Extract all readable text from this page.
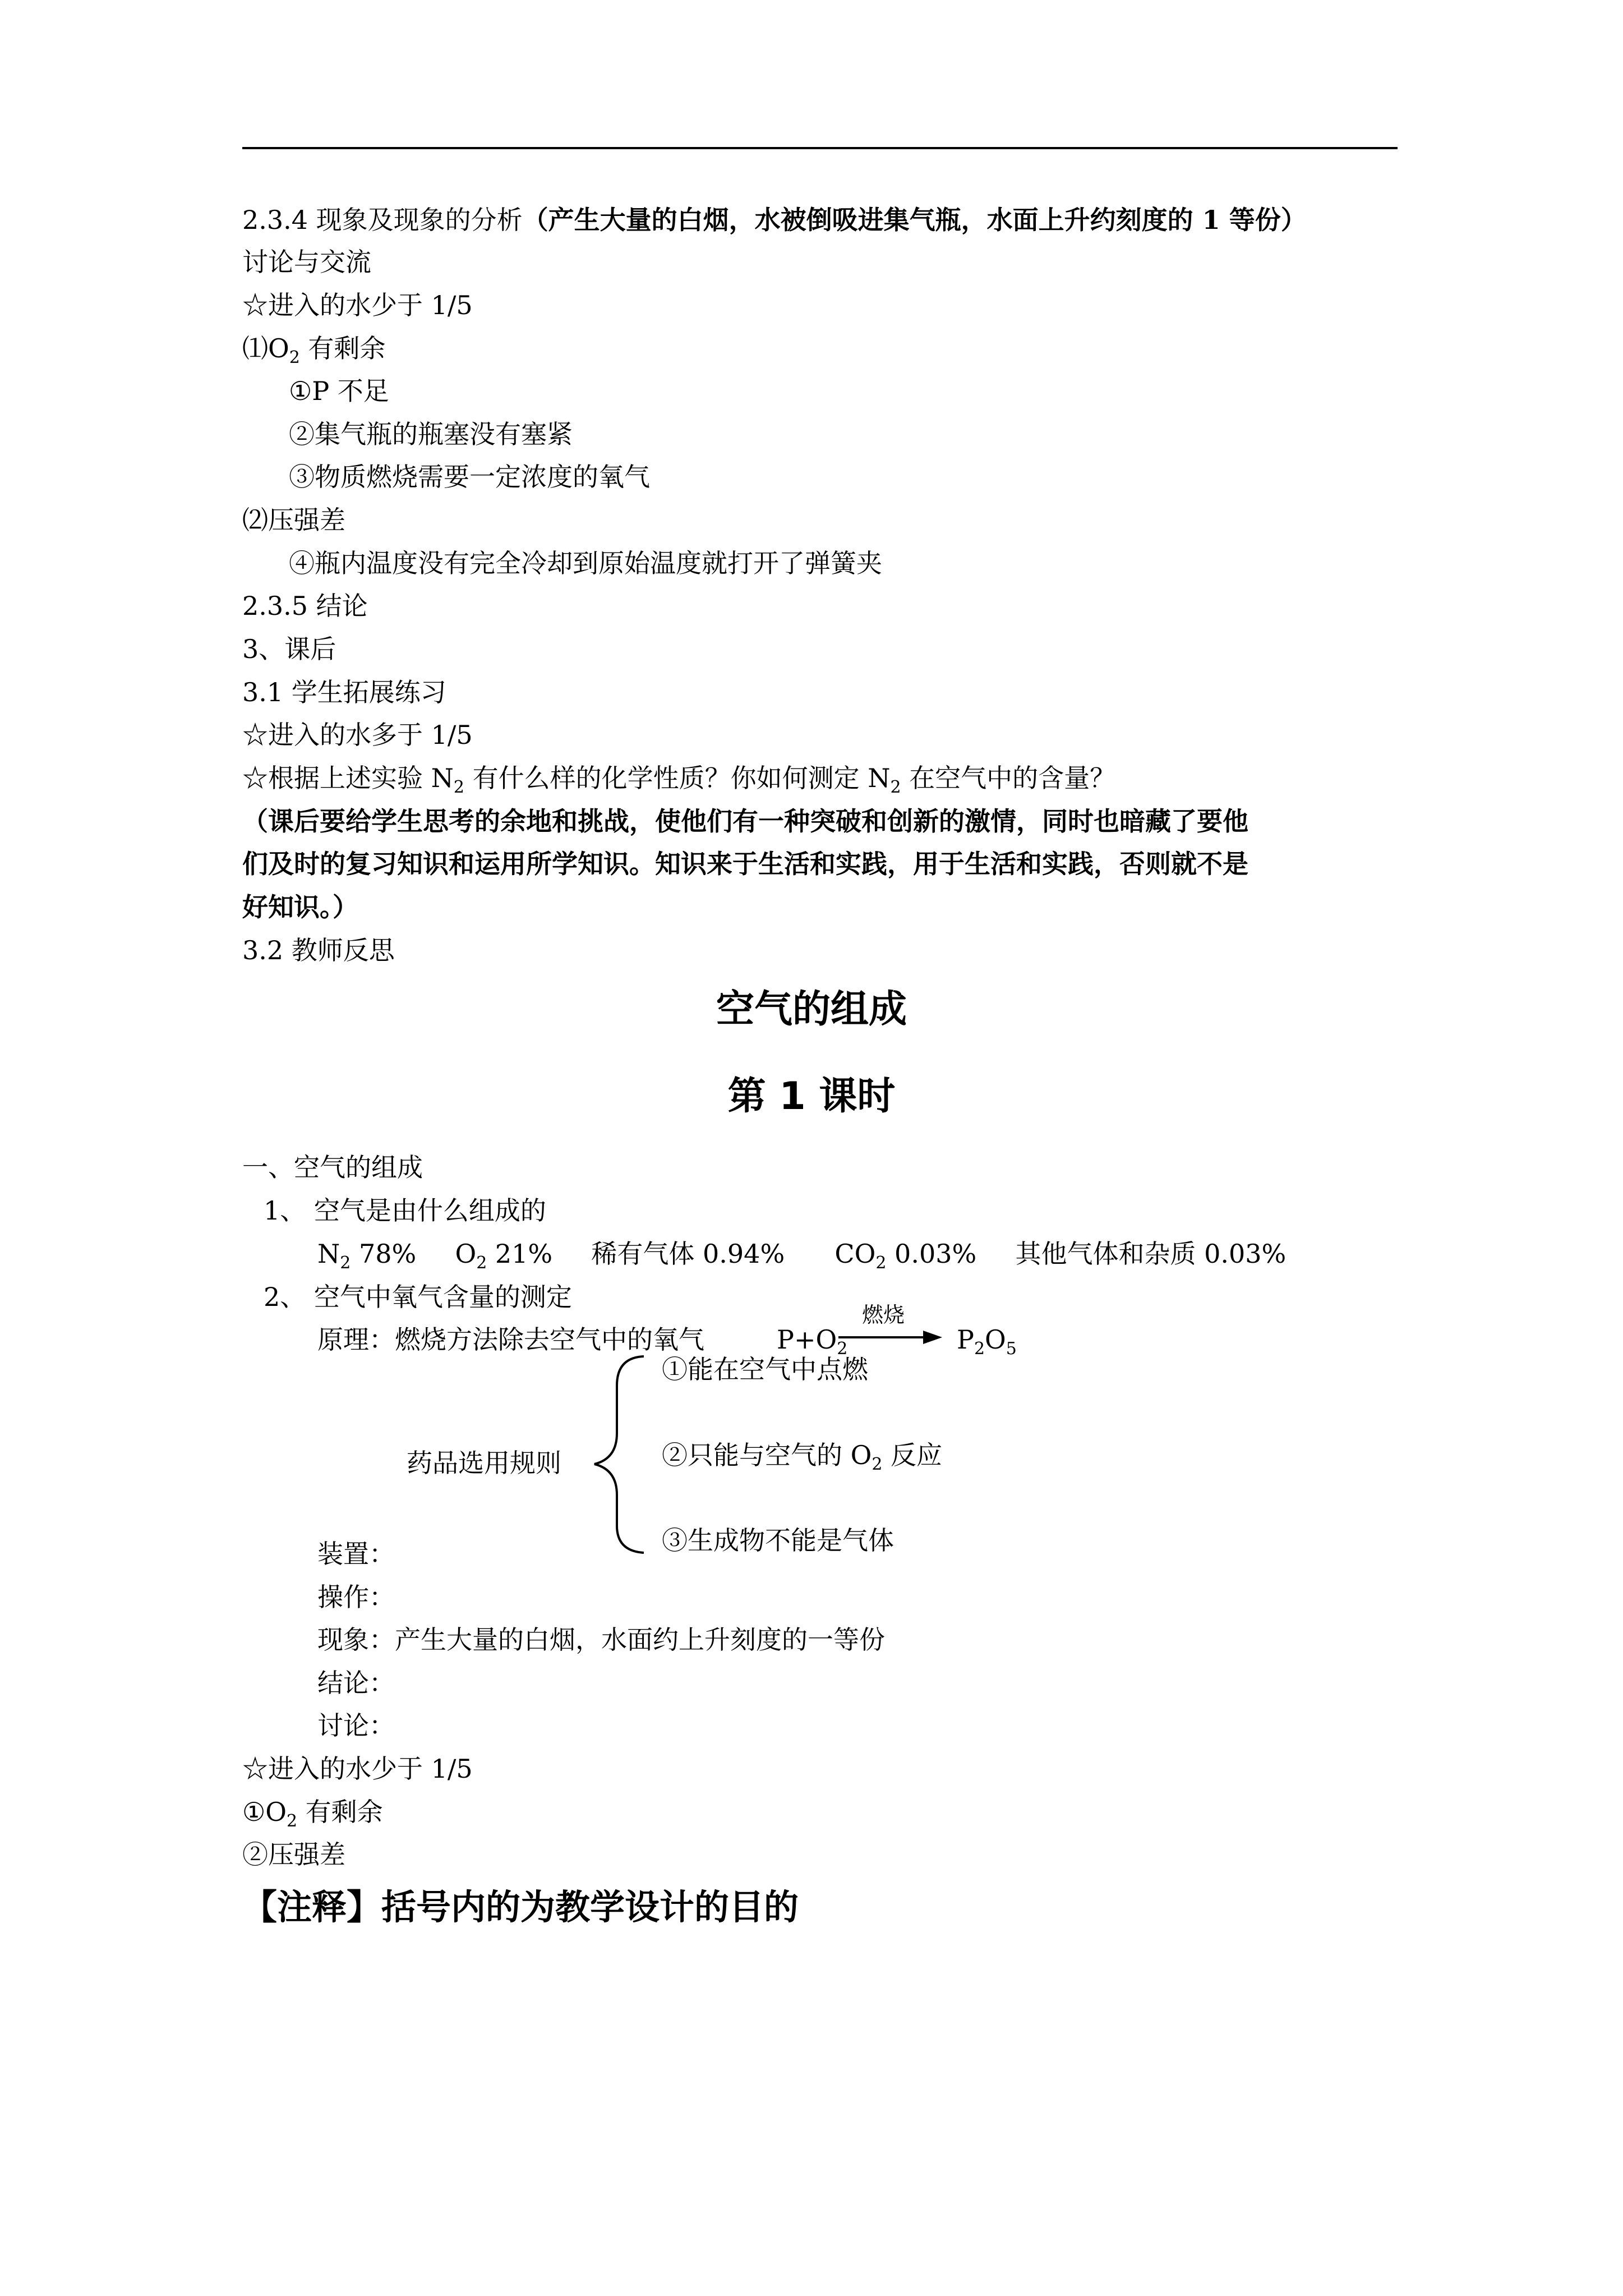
2.3.4 现象及现象的分析（产生大量的白烟，水被倒吸进集气瓶，水面上升约刻度的 1 等份）
讨论与交流
☆进入的水少于 1/5
$⑴O_2$ 有剩余
①P 不足
②集气瓶的瓶塞没有塞紧
③物质燃烧需要一定浓度的氧气
⑵压强差
④瓶内温度没有完全冷却到原始温度就打开了弹簧夹
2.3.5 结论
3、课后
3.1 学生拓展练习
☆进入的水多于 1/5
☆根据上述实验 $N_2$ 有什么样的化学性质？你如何测定 $N_2$ 在空气中的含量？
（课后要给学生思考的余地和挑战，使他们有一种突破和创新的激情，同时也暗藏了要他
们及时的复习知识和运用所学知识。知识来于生活和实践，用于生活和实践，否则就不是
好知识。）
3.2 教师反思
空气的组成
第 1 课时
一、空气的组成
1、 空气是由什么组成的
$N_2$ 78% $O_2$ 21% 稀有气体 0.94% $CO_2$ 0.03% 其他气体和杂质 0.03%
2、 空气中氧气含量的测定
原理：燃烧方法除去空气中的氧气	$P+O_2$
燃烧
$P_2O_5$
①能在空气中点燃
药品选用规则	②只能与空气的 $O_2$ 反应
③生成物不能是气体
装置：
操作：
现象：产生大量的白烟，水面约上升刻度的一等份
结论：
讨论：
☆进入的水少于 1/5
$①O_2$ 有剩余
②压强差
【注释】括号内的为教学设计的目的
